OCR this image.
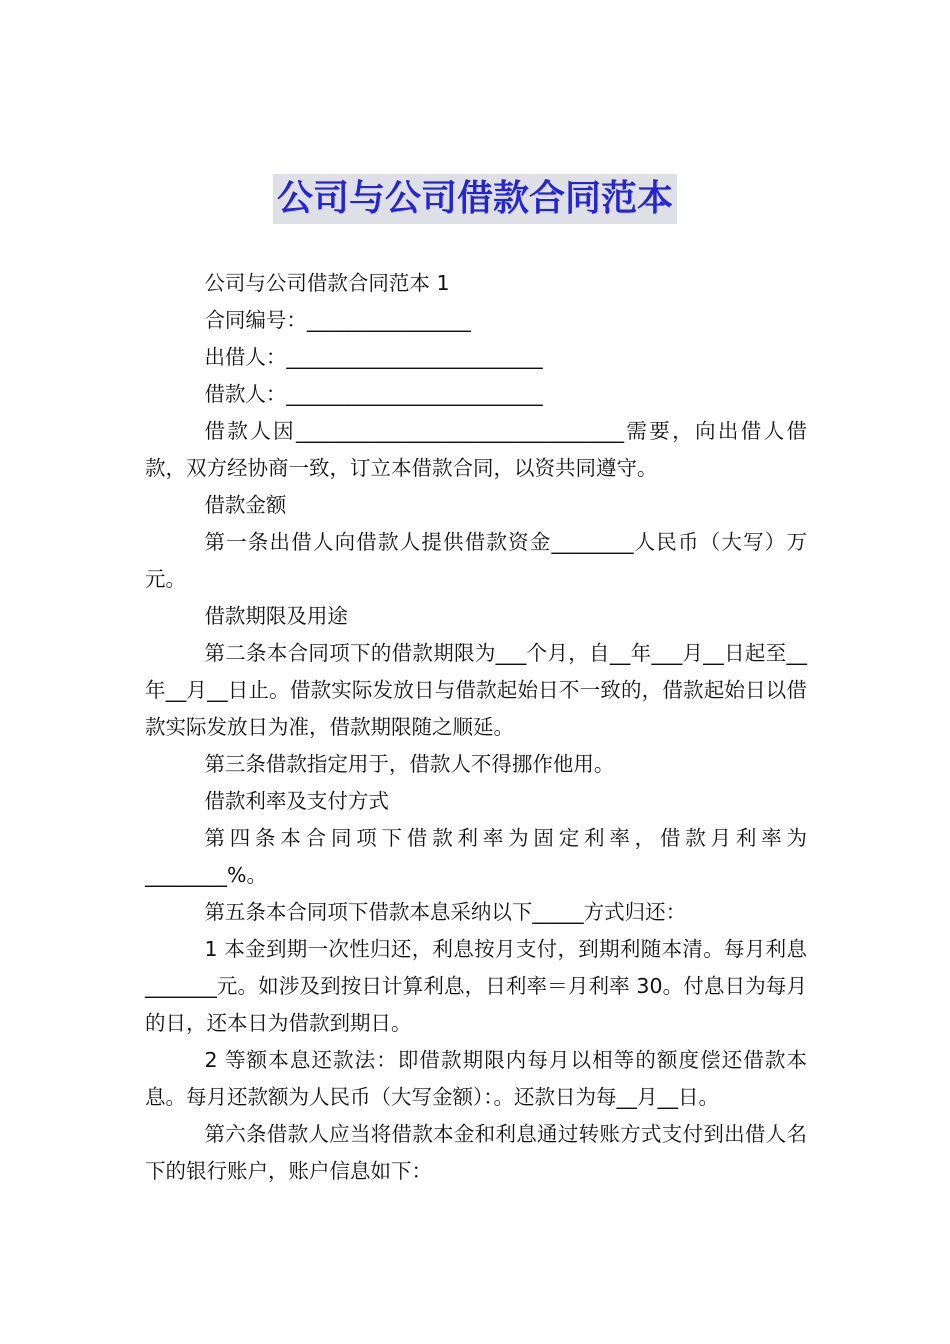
公司与公司借款合同范本

公司与公司借款合同范本 1

合同编号：________________

出借人：_________________________

借款人：_________________________

借款人因________________________________需要，向出借人借款，双方经协商一致，订立本借款合同，以资共同遵守。

借款金额

第一条出借人向借款人提供借款资金________人民币（大写）万元。

借款期限及用途

第二条本合同项下的借款期限为___个月，自__年___月__日起至__年__月__日止。借款实际发放日与借款起始日不一致的，借款起始日以借款实际发放日为准，借款期限随之顺延。

第三条借款指定用于，借款人不得挪作他用。

借款利率及支付方式

第四条本合同项下借款利率为固定利率，借款月利率为________%。

第五条本合同项下借款本息采纳以下_____方式归还：

1 本金到期一次性归还，利息按月支付，到期利随本清。每月利息_______元。如涉及到按日计算利息，日利率＝月利率 30。付息日为每月的日，还本日为借款到期日。

2 等额本息还款法：即借款期限内每月以相等的额度偿还借款本息。每月还款额为人民币（大写金额）：。还款日为每__月__日。

第六条借款人应当将借款本金和利息通过转账方式支付到出借人名下的银行账户，账户信息如下：
